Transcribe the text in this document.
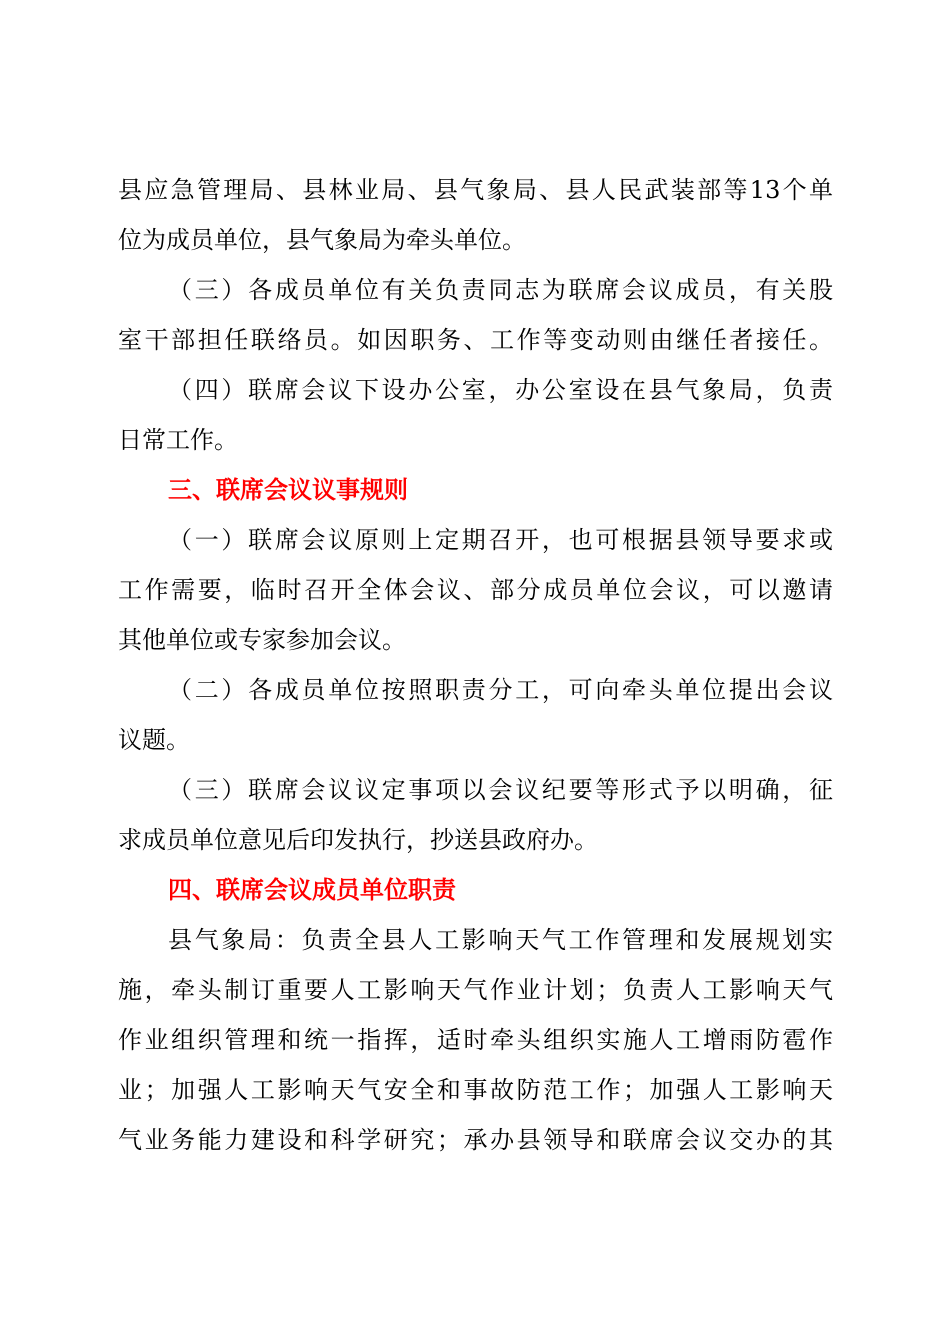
县应急管理局、县林业局、县气象局、县人民武装部等13个单
位为成员单位，县气象局为牵头单位。
（三）各成员单位有关负责同志为联席会议成员，有关股
室干部担任联络员。如因职务、工作等变动则由继任者接任。
（四）联席会议下设办公室，办公室设在县气象局，负责
日常工作。
三、联席会议议事规则
（一）联席会议原则上定期召开，也可根据县领导要求或
工作需要，临时召开全体会议、部分成员单位会议，可以邀请
其他单位或专家参加会议。
（二）各成员单位按照职责分工，可向牵头单位提出会议
议题。
（三）联席会议议定事项以会议纪要等形式予以明确，征
求成员单位意见后印发执行，抄送县政府办。
四、联席会议成员单位职责
县气象局：负责全县人工影响天气工作管理和发展规划实
施，牵头制订重要人工影响天气作业计划；负责人工影响天气
作业组织管理和统一指挥，适时牵头组织实施人工增雨防雹作
业；加强人工影响天气安全和事故防范工作；加强人工影响天
气业务能力建设和科学研究；承办县领导和联席会议交办的其
